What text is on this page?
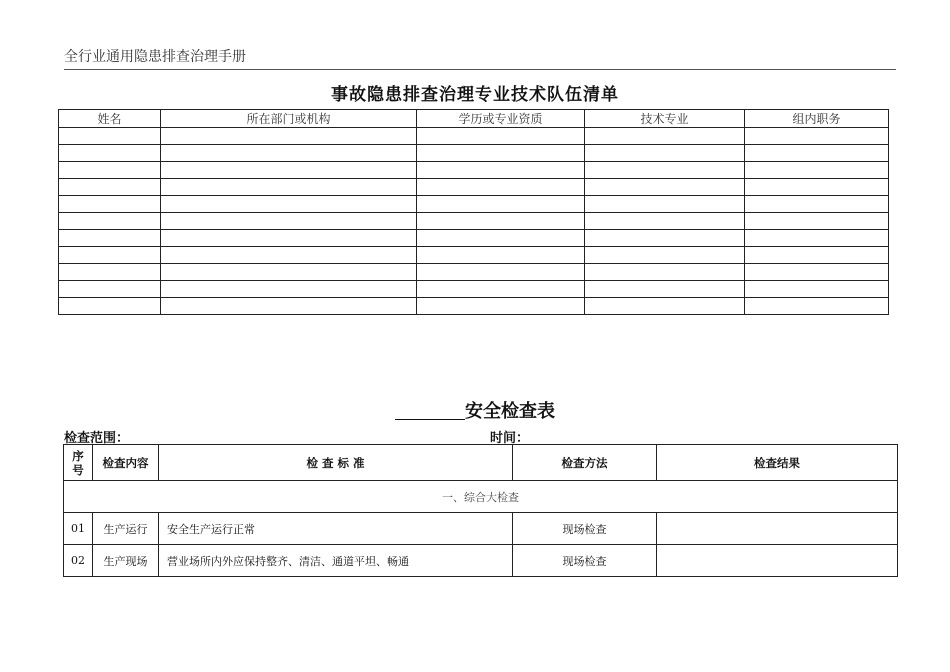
全行业通用隐患排查治理手册
事故隐患排查治理专业技术队伍清单
姓名	所在部门或机构	学历或专业资质	技术专业	组内职务

安全检查表
检查范围：	时间：
序
号	检查内容	检 查 标 准	检查方法	检查结果
一、综合大检查				
01	生产运行	安全生产运行正常	现场检查	
02	生产现场	营业场所内外应保持整齐、清洁、通道平坦、畅通	现场检查	
